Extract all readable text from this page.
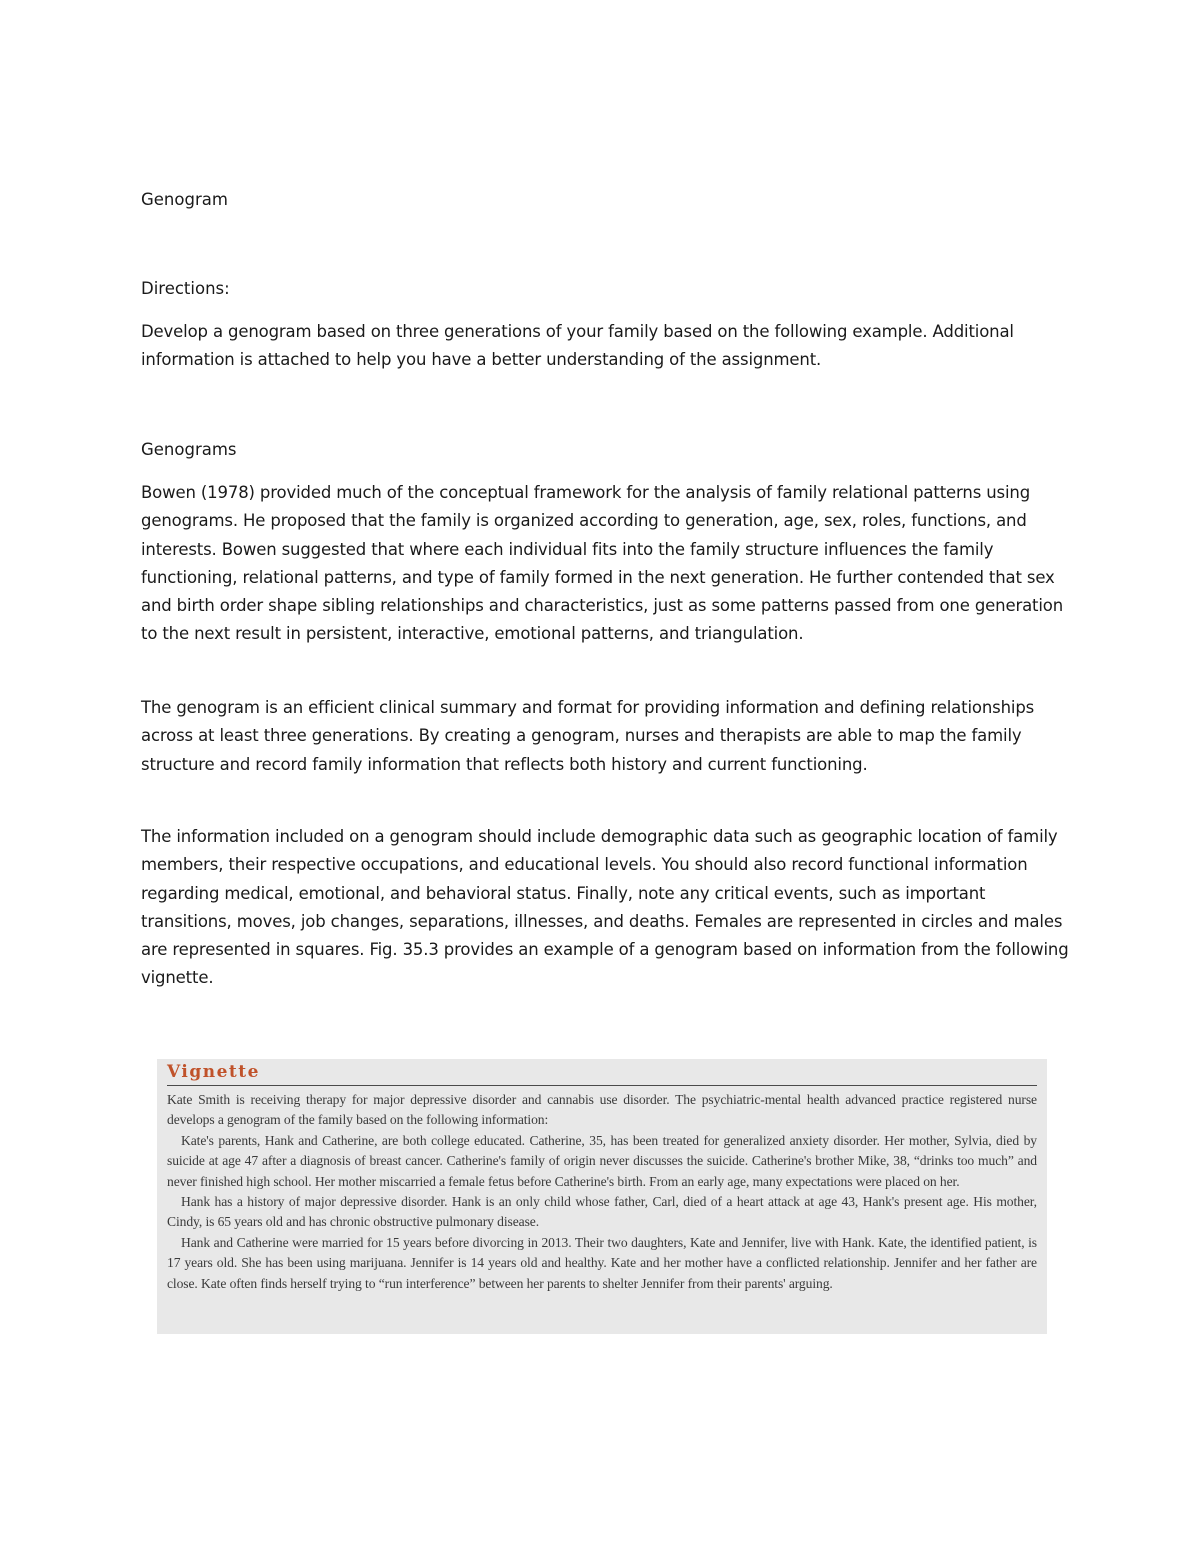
Genogram

Directions:

Develop a genogram based on three generations of your family based on the following example. Additional information is attached to help you have a better understanding of the assignment.

Genograms

Bowen (1978) provided much of the conceptual framework for the analysis of family relational patterns using genograms. He proposed that the family is organized according to generation, age, sex, roles, functions, and interests. Bowen suggested that where each individual fits into the family structure influences the family functioning, relational patterns, and type of family formed in the next generation. He further contended that sex and birth order shape sibling relationships and characteristics, just as some patterns passed from one generation to the next result in persistent, interactive, emotional patterns, and triangulation.

The genogram is an efficient clinical summary and format for providing information and defining relationships across at least three generations. By creating a genogram, nurses and therapists are able to map the family structure and record family information that reflects both history and current functioning.

The information included on a genogram should include demographic data such as geographic location of family members, their respective occupations, and educational levels. You should also record functional information regarding medical, emotional, and behavioral status. Finally, note any critical events, such as important transitions, moves, job changes, separations, illnesses, and deaths. Females are represented in circles and males are represented in squares. Fig. 35.3 provides an example of a genogram based on information from the following vignette.

Vignette

Kate Smith is receiving therapy for major depressive disorder and cannabis use disorder. The psychiatric-mental health advanced practice registered nurse develops a genogram of the family based on the following information:

Kate's parents, Hank and Catherine, are both college educated. Catherine, 35, has been treated for generalized anxiety disorder. Her mother, Sylvia, died by suicide at age 47 after a diagnosis of breast cancer. Catherine's family of origin never discusses the suicide. Catherine's brother Mike, 38, “drinks too much” and never finished high school. Her mother miscarried a female fetus before Catherine's birth. From an early age, many expectations were placed on her.

Hank has a history of major depressive disorder. Hank is an only child whose father, Carl, died of a heart attack at age 43, Hank's present age. His mother, Cindy, is 65 years old and has chronic obstructive pulmonary disease.

Hank and Catherine were married for 15 years before divorcing in 2013. Their two daughters, Kate and Jennifer, live with Hank. Kate, the identified patient, is 17 years old. She has been using marijuana. Jennifer is 14 years old and healthy. Kate and her mother have a conflicted relationship. Jennifer and her father are close. Kate often finds herself trying to “run interference” between her parents to shelter Jennifer from their parents' arguing.
